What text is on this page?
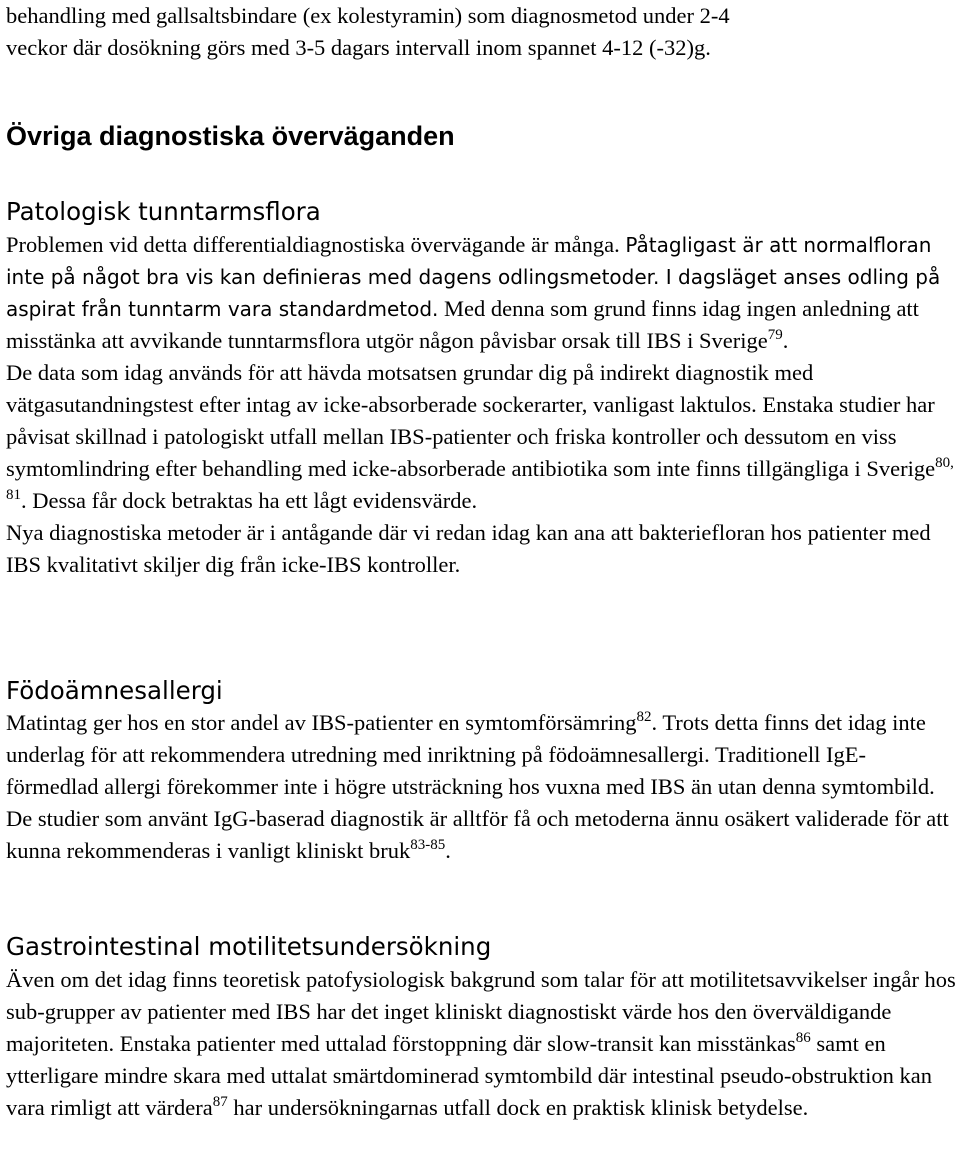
behandling med gallsaltsbindare (ex kolestyramin) som diagnosmetod under 2-4

veckor där dosökning görs med 3-5 dagars intervall inom spannet 4-12 (-32)g.

Övriga diagnostiska överväganden
Patologisk tunntarmsflora

Problemen vid detta differentialdiagnostiska övervägande är många. Påtagligast är att normalfloran inte på något bra vis kan definieras med dagens odlingsmetoder. I dagsläget anses odling på aspirat från tunntarm vara standardmetod. Med denna som grund finns idag ingen anledning att misstänka att avvikande tunntarmsflora utgör någon påvisbar orsak till IBS i Sverige$^{79}$.

De data som idag används för att hävda motsatsen grundar dig på indirekt diagnostik med vätgasutandningstest efter intag av icke-absorberade sockerarter, vanligast laktulos. Enstaka studier har påvisat skillnad i patologiskt utfall mellan IBS-patienter och friska kontroller och dessutom en viss symtomlindring efter behandling med icke-absorberade antibiotika som inte finns tillgängliga i Sverige$^{80, 81}$. Dessa får dock betraktas ha ett lågt evidensvärde.

Nya diagnostiska metoder är i antågande där vi redan idag kan ana att bakteriefloran hos patienter med IBS kvalitativt skiljer dig från icke-IBS kontroller.

Födoämnesallergi

Matintag ger hos en stor andel av IBS-patienter en symtomförsämring$^{82}$. Trots detta finns det idag inte underlag för att rekommendera utredning med inriktning på födoämnesallergi. Traditionell IgE-förmedlad allergi förekommer inte i högre utsträckning hos vuxna med IBS än utan denna symtombild. De studier som använt IgG-baserad diagnostik är alltför få och metoderna ännu osäkert validerade för att kunna rekommenderas i vanligt kliniskt bruk$^{83-85}$.

Gastrointestinal motilitetsundersökning

Även om det idag finns teoretisk patofysiologisk bakgrund som talar för att motilitetsavvikelser ingår hos sub-grupper av patienter med IBS har det inget kliniskt diagnostiskt värde hos den överväldigande majoriteten. Enstaka patienter med uttalad förstoppning där slow-transit kan misstänkas$^{86}$ samt en ytterligare mindre skara med uttalat smärtdominerad symtombild där intestinal pseudo-obstruktion kan vara rimligt att värdera$^{87}$ har undersökningarnas utfall dock en praktisk klinisk betydelse.
